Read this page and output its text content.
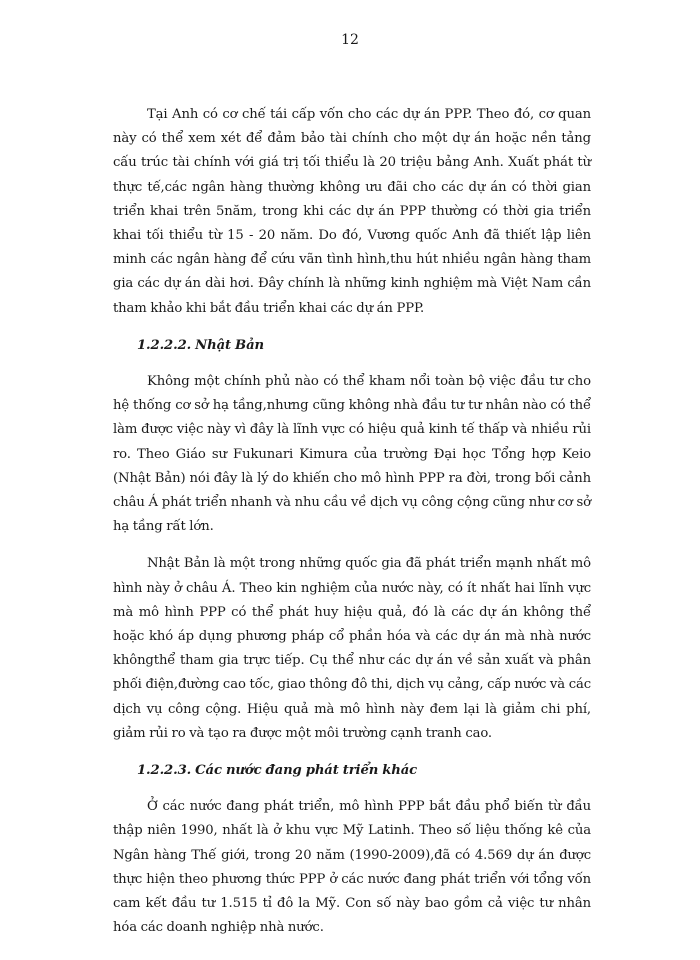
12

Tại Anh có cơ chế tái cấp vốn cho các dự án PPP. Theo đó, cơ quan này có thể xem xét để đảm bảo tài chính cho một dự án hoặc nền tảng cấu trúc tài chính với giá trị tối thiểu là 20 triệu bảng Anh. Xuất phát từ thực tế,các ngân hàng thường không ưu đãi cho các dự án có thời gian triển khai trên 5năm, trong khi các dự án PPP thường có thời gia triển khai tối thiểu từ 15 - 20 năm. Do đó, Vương quốc Anh đã thiết lập liên minh các ngân hàng để cứu vãn tình hình,thu hút nhiều ngân hàng tham gia các dự án dài hơi. Đây chính là những kinh nghiệm mà Việt Nam cần tham khảo khi bắt đầu triển khai các dự án PPP.

1.2.2.2. Nhật Bản

Không một chính phủ nào có thể kham nổi toàn bộ việc đầu tư cho hệ thống cơ sở hạ tầng,nhưng cũng không nhà đầu tư tư nhân nào có thể làm được việc này vì đây là lĩnh vực có hiệu quả kinh tế thấp và nhiều rủi ro. Theo Giáo sư Fukunari Kimura của trường Đại học Tổng hợp Keio (Nhật Bản) nói đây là lý do khiến cho mô hình PPP ra đời, trong bối cảnh châu Á phát triển nhanh và nhu cầu về dịch vụ công cộng cũng như cơ sở hạ tầng rất lớn.

Nhật Bản là một trong những quốc gia đã phát triển mạnh nhất mô hình này ở châu Á. Theo kin nghiệm của nước này, có ít nhất hai lĩnh vực mà mô hình PPP có thể phát huy hiệu quả, đó là các dự án không thể hoặc khó áp dụng phương pháp cổ phần hóa và các dự án mà nhà nước khôngthể tham gia trực tiếp. Cụ thể như các dự án về sản xuất và phân phối điện,đường cao tốc, giao thông đô thi, dịch vụ cảng, cấp nước và các dịch vụ công cộng. Hiệu quả mà mô hình này đem lại là giảm chi phí, giảm rủi ro và tạo ra được một môi trường cạnh tranh cao.

1.2.2.3. Các nước đang phát triển khác

Ở các nước đang phát triển, mô hình PPP bắt đầu phổ biến từ đầu thập niên 1990, nhất là ở khu vực Mỹ Latinh. Theo số liệu thống kê của Ngân hàng Thế giới, trong 20 năm (1990-2009),đã có 4.569 dự án được thực hiện theo phương thức PPP ở các nước đang phát triển với tổng vốn cam kết đầu tư 1.515 tỉ đô la Mỹ. Con số này bao gồm cả việc tư nhân hóa các doanh nghiệp nhà nước.
